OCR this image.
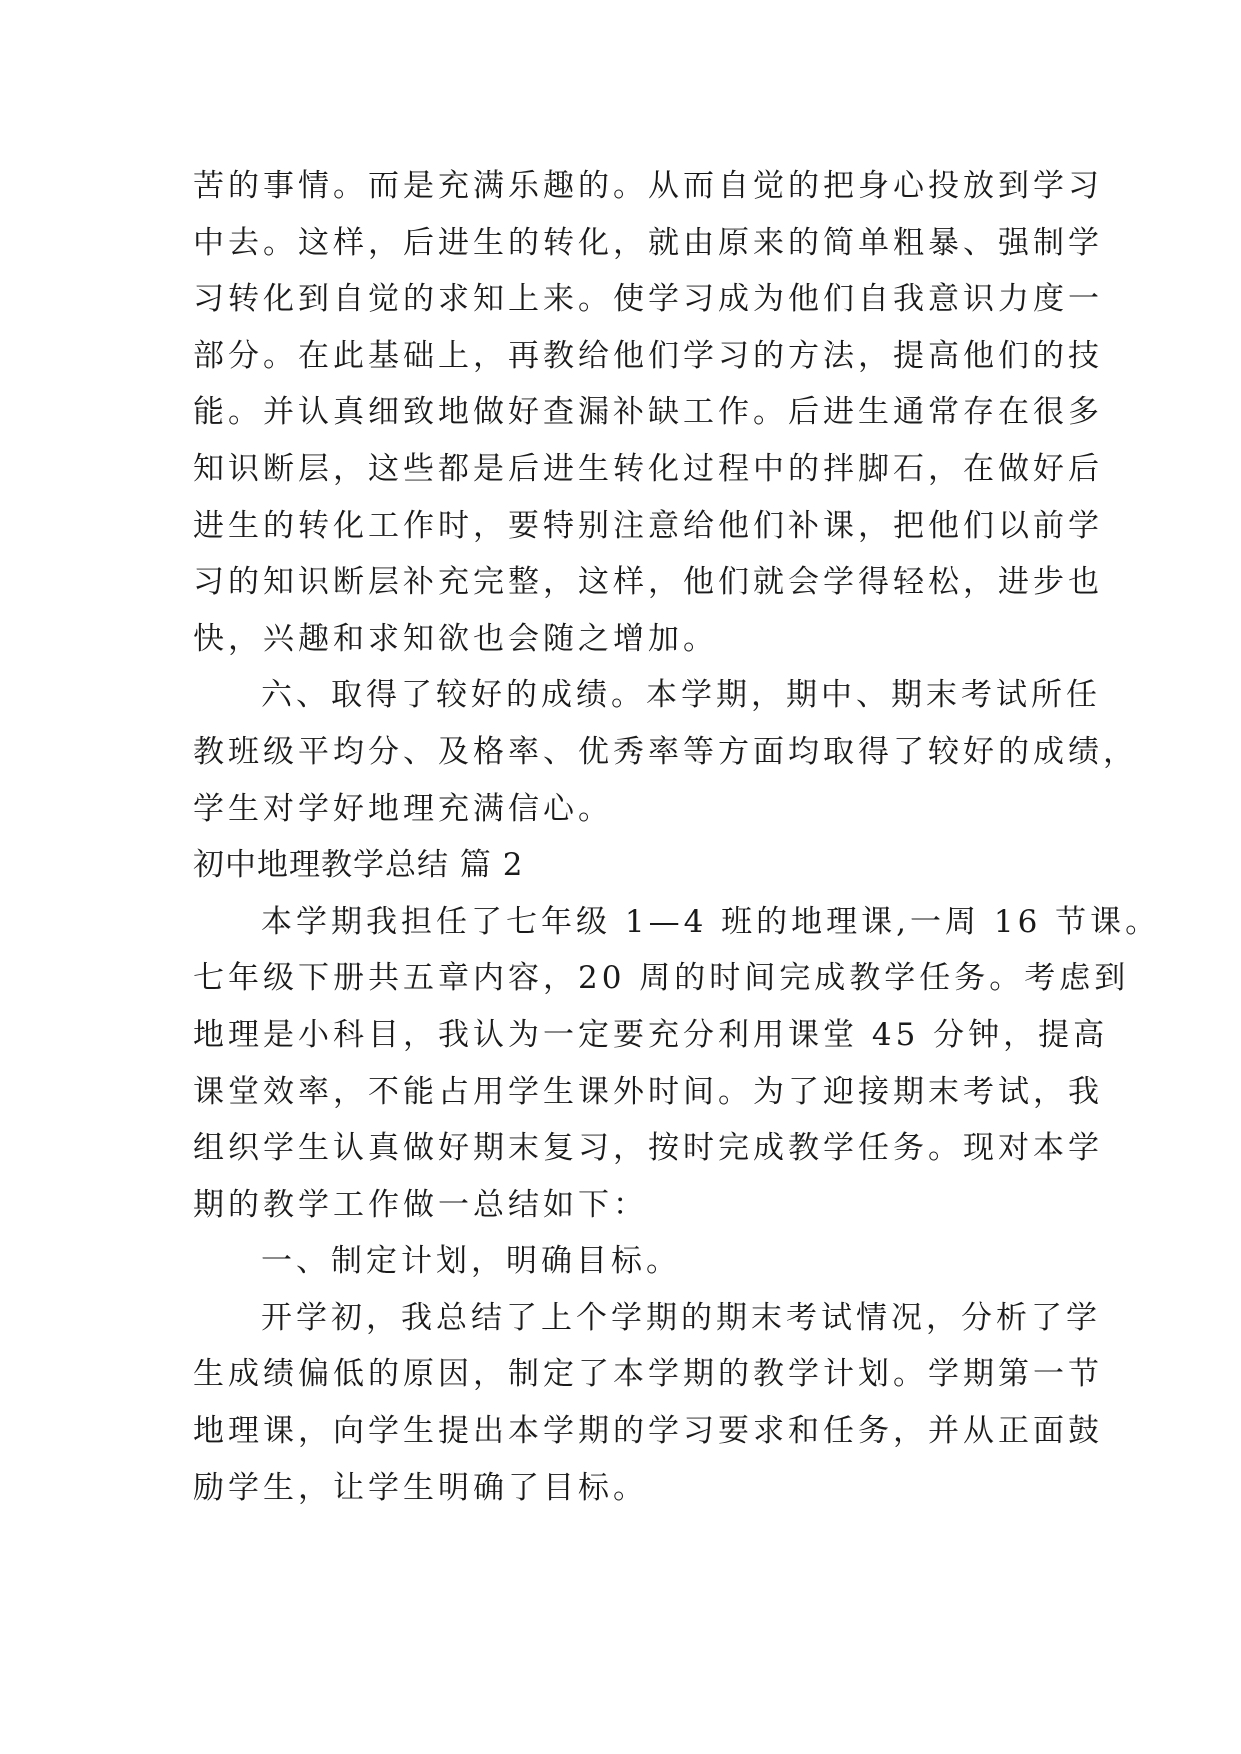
苦的事情。而是充满乐趣的。从而自觉的把身心投放到学习
中去。这样，后进生的转化，就由原来的简单粗暴、强制学
习转化到自觉的求知上来。使学习成为他们自我意识力度一
部分。在此基础上，再教给他们学习的方法，提高他们的技
能。并认真细致地做好查漏补缺工作。后进生通常存在很多
知识断层，这些都是后进生转化过程中的拌脚石，在做好后
进生的转化工作时，要特别注意给他们补课，把他们以前学
习的知识断层补充完整，这样，他们就会学得轻松，进步也
快，兴趣和求知欲也会随之增加。
六、取得了较好的成绩。本学期，期中、期末考试所任
教班级平均分、及格率、优秀率等方面均取得了较好的成绩，
学生对学好地理充满信心。
初中地理教学总结 篇 2
本学期我担任了七年级 1—4 班的地理课,一周 16 节课。
七年级下册共五章内容，20 周的时间完成教学任务。考虑到
地理是小科目，我认为一定要充分利用课堂 45 分钟，提高
课堂效率，不能占用学生课外时间。为了迎接期末考试，我
组织学生认真做好期末复习，按时完成教学任务。现对本学
期的教学工作做一总结如下：
一、制定计划，明确目标。
开学初，我总结了上个学期的期末考试情况，分析了学
生成绩偏低的原因，制定了本学期的教学计划。学期第一节
地理课，向学生提出本学期的学习要求和任务，并从正面鼓
励学生，让学生明确了目标。
